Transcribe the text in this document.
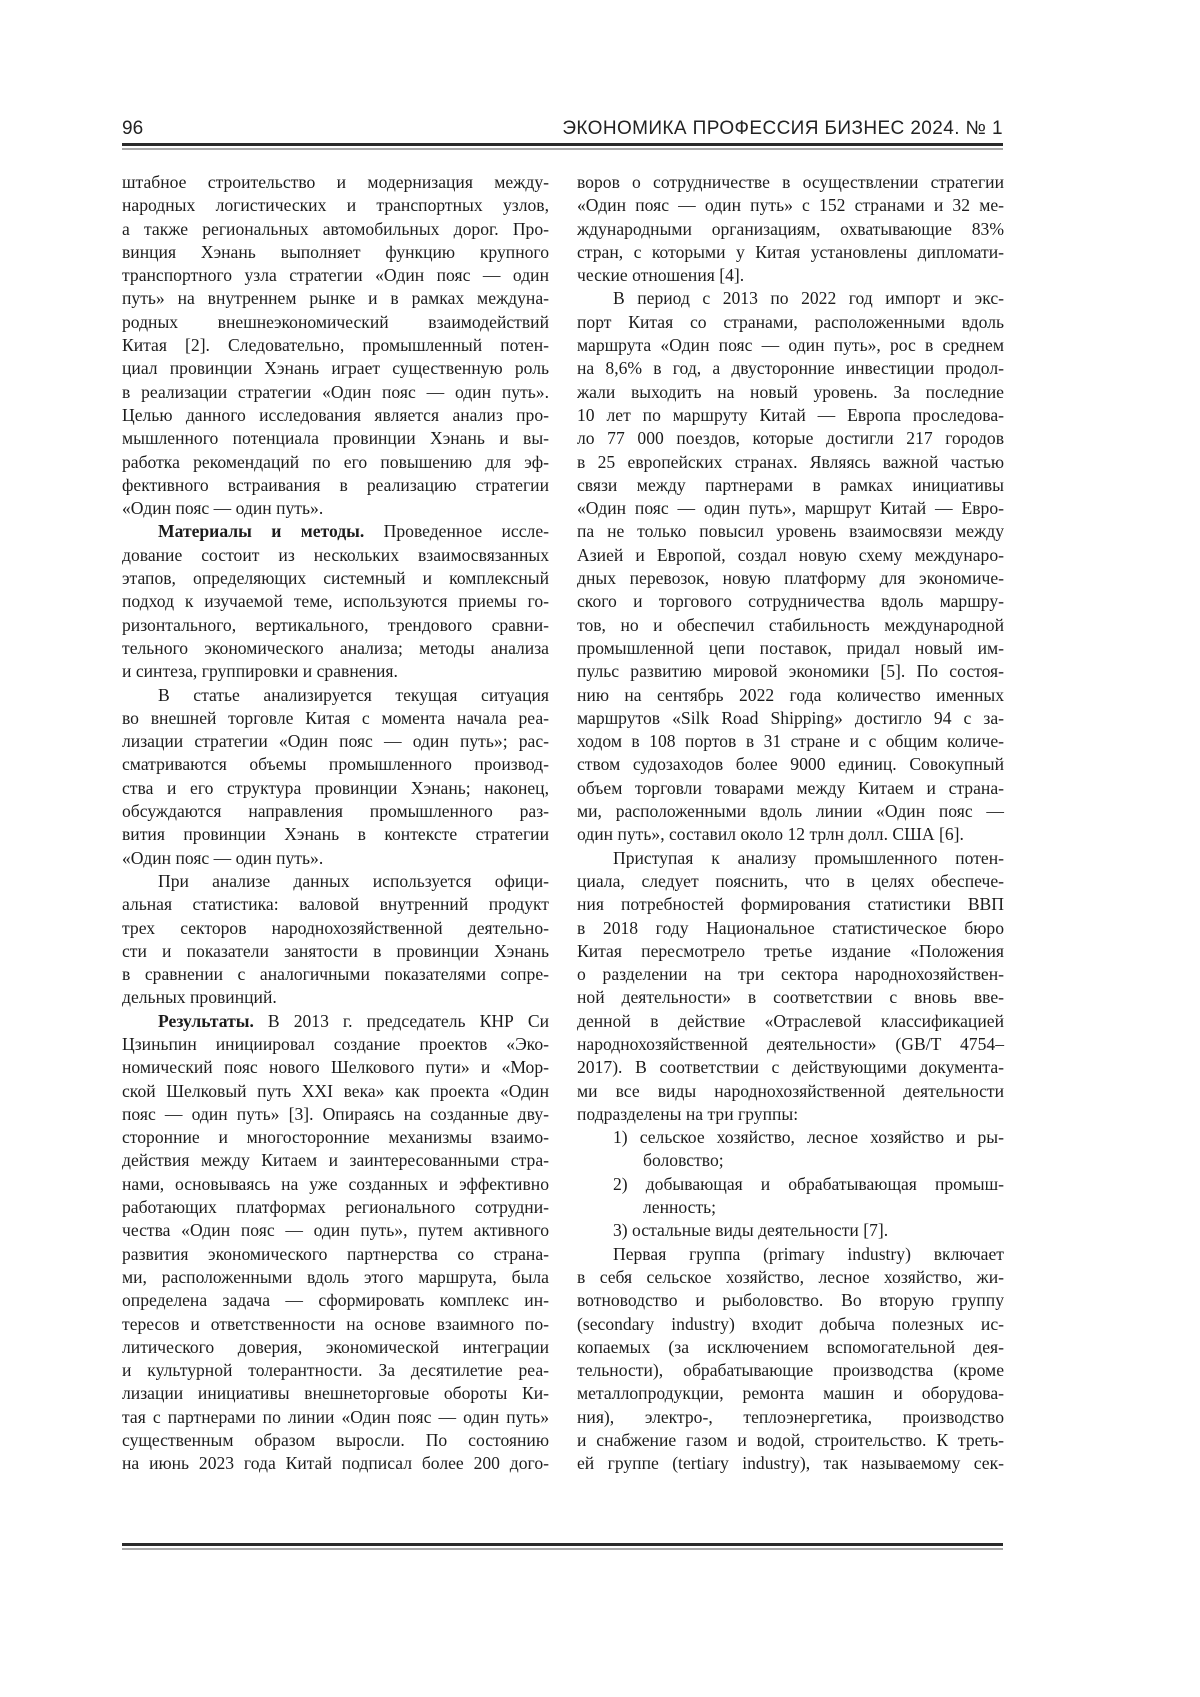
96	ЭКОНОМИКА ПРОФЕССИЯ БИЗНЕС 2024. № 1
штабное строительство и модернизация между-
народных логистических и транспортных узлов,
а также региональных автомобильных дорог. Про-
винция Хэнань выполняет функцию крупного
транспортного узла стратегии «Один пояс — один
путь» на внутреннем рынке и в рамках междуна-
родных внешнеэкономический взаимодействий
Китая [2]. Следовательно, промышленный потен-
циал провинции Хэнань играет существенную роль
в реализации стратегии «Один пояс — один путь».
Целью данного исследования является анализ про-
мышленного потенциала провинции Хэнань и вы-
работка рекомендаций по его повышению для эф-
фективного встраивания в реализацию стратегии
«Один пояс — один путь».
Материалы и методы. Проведенное иссле-
дование состоит из нескольких взаимосвязанных
этапов, определяющих системный и комплексный
подход к изучаемой теме, используются приемы го-
ризонтального, вертикального, трендового сравни-
тельного экономического анализа; методы анализа
и синтеза, группировки и сравнения.
В статье анализируется текущая ситуация
во внешней торговле Китая с момента начала реа-
лизации стратегии «Один пояс — один путь»; рас-
сматриваются объемы промышленного производ-
ства и его структура провинции Хэнань; наконец,
обсуждаются направления промышленного раз-
вития провинции Хэнань в контексте стратегии
«Один пояс — один путь».
При анализе данных используется офици-
альная статистика: валовой внутренний продукт
трех секторов народнохозяйственной деятельно-
сти и показатели занятости в провинции Хэнань
в сравнении с аналогичными показателями сопре-
дельных провинций.
Результаты. В 2013 г. председатель КНР Си
Цзиньпин инициировал создание проектов «Эко-
номический пояс нового Шелкового пути» и «Мор-
ской Шелковый путь XXI века» как проекта «Один
пояс — один путь» [3]. Опираясь на созданные дву-
сторонние и многосторонние механизмы взаимо-
действия между Китаем и заинтересованными стра-
нами, основываясь на уже созданных и эффективно
работающих платформах регионального сотрудни-
чества «Один пояс — один путь», путем активного
развития экономического партнерства со страна-
ми, расположенными вдоль этого маршрута, была
определена задача — сформировать комплекс ин-
тересов и ответственности на основе взаимного по-
литического доверия, экономической интеграции
и культурной толерантности. За десятилетие реа-
лизации инициативы внешнеторговые обороты Ки-
тая с партнерами по линии «Один пояс — один путь»
существенным образом выросли. По состоянию
на июнь 2023 года Китай подписал более 200 дого-
воров о сотрудничестве в осуществлении стратегии
«Один пояс — один путь» с 152 странами и 32 ме-
ждународными организациям, охватывающие 83%
стран, с которыми у Китая установлены дипломати-
ческие отношения [4].
В период с 2013 по 2022 год импорт и экс-
порт Китая со странами, расположенными вдоль
маршрута «Один пояс — один путь», рос в среднем
на 8,6% в год, а двусторонние инвестиции продол-
жали выходить на новый уровень. За последние
10 лет по маршруту Китай — Европа проследова-
ло 77 000 поездов, которые достигли 217 городов
в 25 европейских странах. Являясь важной частью
связи между партнерами в рамках инициативы
«Один пояс — один путь», маршрут Китай — Евро-
па не только повысил уровень взаимосвязи между
Азией и Европой, создал новую схему междунаро-
дных перевозок, новую платформу для экономиче-
ского и торгового сотрудничества вдоль маршру-
тов, но и обеспечил стабильность международной
промышленной цепи поставок, придал новый им-
пульс развитию мировой экономики [5]. По состоя-
нию на сентябрь 2022 года количество именных
маршрутов «Silk Road Shipping» достигло 94 с за-
ходом в 108 портов в 31 стране и с общим количе-
ством судозаходов более 9000 единиц. Совокупный
объем торговли товарами между Китаем и страна-
ми, расположенными вдоль линии «Один пояс —
один путь», составил около 12 трлн долл. США [6].
Приступая к анализу промышленного потен-
циала, следует пояснить, что в целях обеспече-
ния потребностей формирования статистики ВВП
в 2018 году Национальное статистическое бюро
Китая пересмотрело третье издание «Положения
о разделении на три сектора народнохозяйствен-
ной деятельности» в соответствии с вновь вве-
денной в действие «Отраслевой классификацией
народнохозяйственной деятельности» (GB/T 4754–
2017). В соответствии с действующими документа-
ми все виды народнохозяйственной деятельности
подразделены на три группы:
1) сельское хозяйство, лесное хозяйство и ры-
боловство;
2) добывающая и обрабатывающая промыш-
ленность;
3) остальные виды деятельности [7].
Первая группа (primary industry) включает
в себя сельское хозяйство, лесное хозяйство, жи-
вотноводство и рыболовство. Во вторую группу
(secondary industry) входит добыча полезных ис-
копаемых (за исключением вспомогательной дея-
тельности), обрабатывающие производства (кроме
металлопродукции, ремонта машин и оборудова-
ния), электро-, теплоэнергетика, производство
и снабжение газом и водой, строительство. К треть-
ей группе (tertiary industry), так называемому сек-
